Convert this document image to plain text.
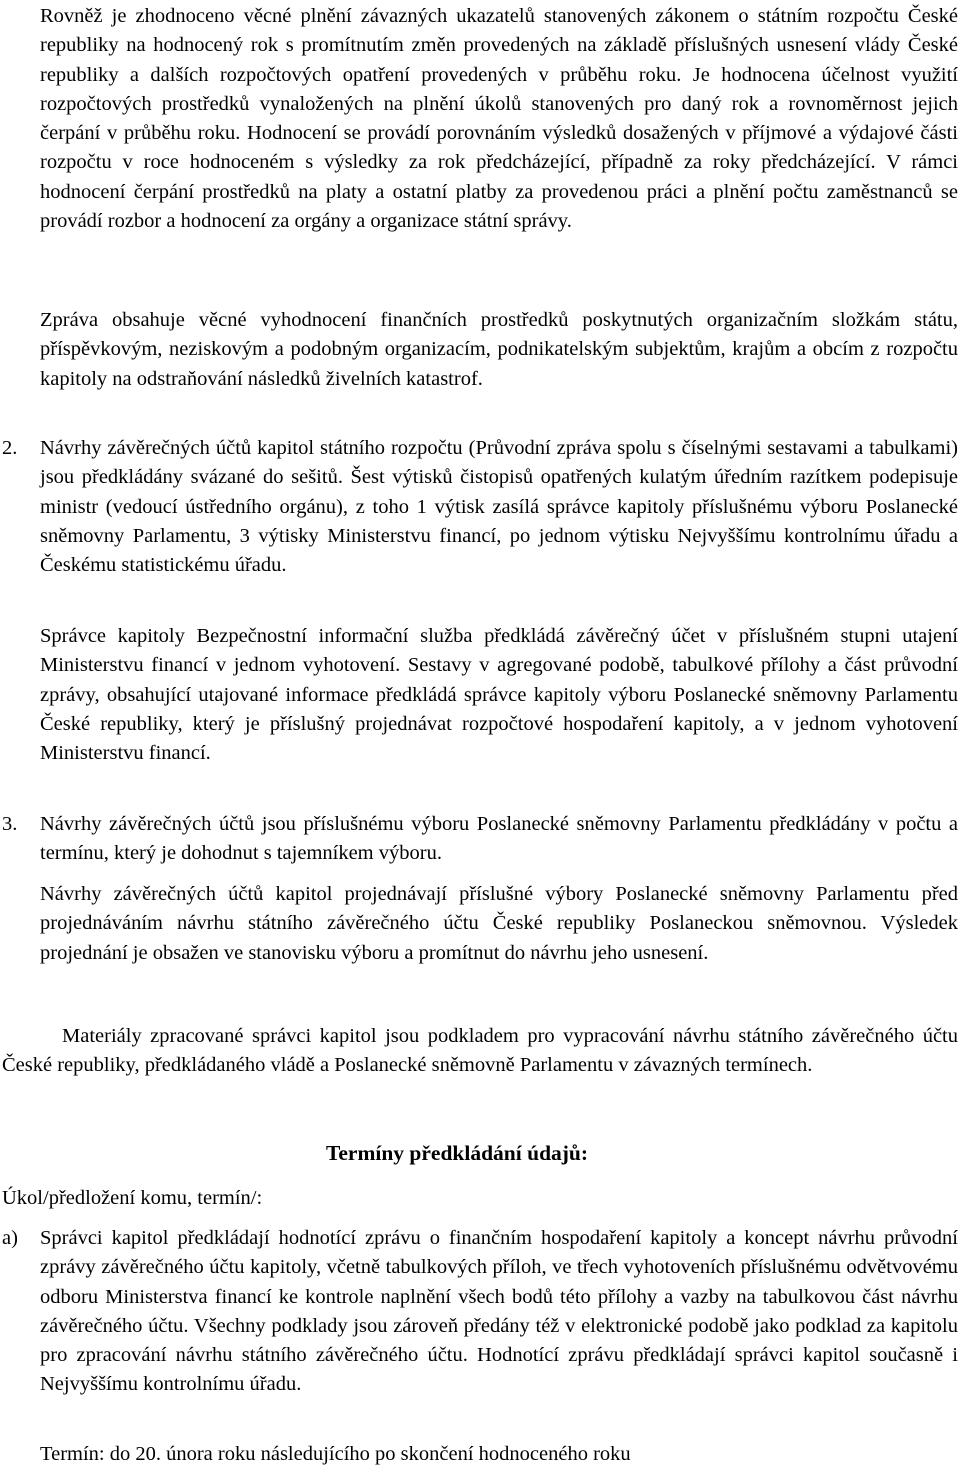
Rovněž je zhodnoceno věcné plnění závazných ukazatelů stanovených zákonem o státním rozpočtu České republiky na hodnocený rok s promítnutím změn provedených na základě příslušných usnesení vlády České republiky a dalších rozpočtových opatření provedených v průběhu roku. Je hodnocena účelnost využití rozpočtových prostředků vynaložených na plnění úkolů stanovených pro daný rok a rovnoměrnost jejich čerpání v průběhu roku. Hodnocení se provádí porovnáním výsledků dosažených v příjmové a výdajové části rozpočtu v roce hodnoceném s výsledky za rok předcházející, případně za roky předcházející. V rámci hodnocení čerpání prostředků na platy a ostatní platby za provedenou práci a plnění počtu zaměstnanců se provádí rozbor a hodnocení za orgány a organizace státní správy.

Zpráva obsahuje věcné vyhodnocení finančních prostředků poskytnutých organizačním složkám státu, příspěvkovým, neziskovým a podobným organizacím, podnikatelským subjektům, krajům a obcím z rozpočtu kapitoly na odstraňování následků živelních katastrof.

2. Návrhy závěrečných účtů kapitol státního rozpočtu (Průvodní zpráva spolu s číselnými sestavami a tabulkami) jsou předkládány svázané do sešitů. Šest výtisků čistopisů opatřených kulatým úředním razítkem podepisuje ministr (vedoucí ústředního orgánu), z toho 1 výtisk zasílá správce kapitoly příslušnému výboru Poslanecké sněmovny Parlamentu, 3 výtisky Ministerstvu financí, po jednom výtisku Nejvyššímu kontrolnímu úřadu a Českému statistickému úřadu.

Správce kapitoly Bezpečnostní informační služba předkládá závěrečný účet v příslušném stupni utajení Ministerstvu financí v jednom vyhotovení. Sestavy v agregované podobě, tabulkové přílohy a část průvodní zprávy, obsahující utajované informace předkládá správce kapitoly výboru Poslanecké sněmovny Parlamentu České republiky, který je příslušný projednávat rozpočtové hospodaření kapitoly, a v jednom vyhotovení Ministerstvu financí.

3. Návrhy závěrečných účtů jsou příslušnému výboru Poslanecké sněmovny Parlamentu předkládány v počtu a termínu, který je dohodnut s tajemníkem výboru.

Návrhy závěrečných účtů kapitol projednávají příslušné výbory Poslanecké sněmovny Parlamentu před projednáváním návrhu státního závěrečného účtu České republiky Poslaneckou sněmovnou. Výsledek projednání je obsažen ve stanovisku výboru a promítnut do návrhu jeho usnesení.

Materiály zpracované správci kapitol jsou podkladem pro vypracování návrhu státního závěrečného účtu České republiky, předkládaného vládě a Poslanecké sněmovně Parlamentu v závazných termínech.

Termíny předkládání údajů:

Úkol/předložení komu, termín/:

a) Správci kapitol předkládají hodnotící zprávu o finančním hospodaření kapitoly a koncept návrhu průvodní zprávy závěrečného účtu kapitoly, včetně tabulkových příloh, ve třech vyhotoveních příslušnému odvětvovému odboru Ministerstva financí ke kontrole naplnění všech bodů této přílohy a vazby na tabulkovou část návrhu závěrečného účtu. Všechny podklady jsou zároveň předány též v elektronické podobě jako podklad za kapitolu pro zpracování návrhu státního závěrečného účtu. Hodnotící zprávu předkládají správci kapitol současně i Nejvyššímu kontrolnímu úřadu.

Termín: do 20. února roku následujícího po skončení hodnoceného roku
